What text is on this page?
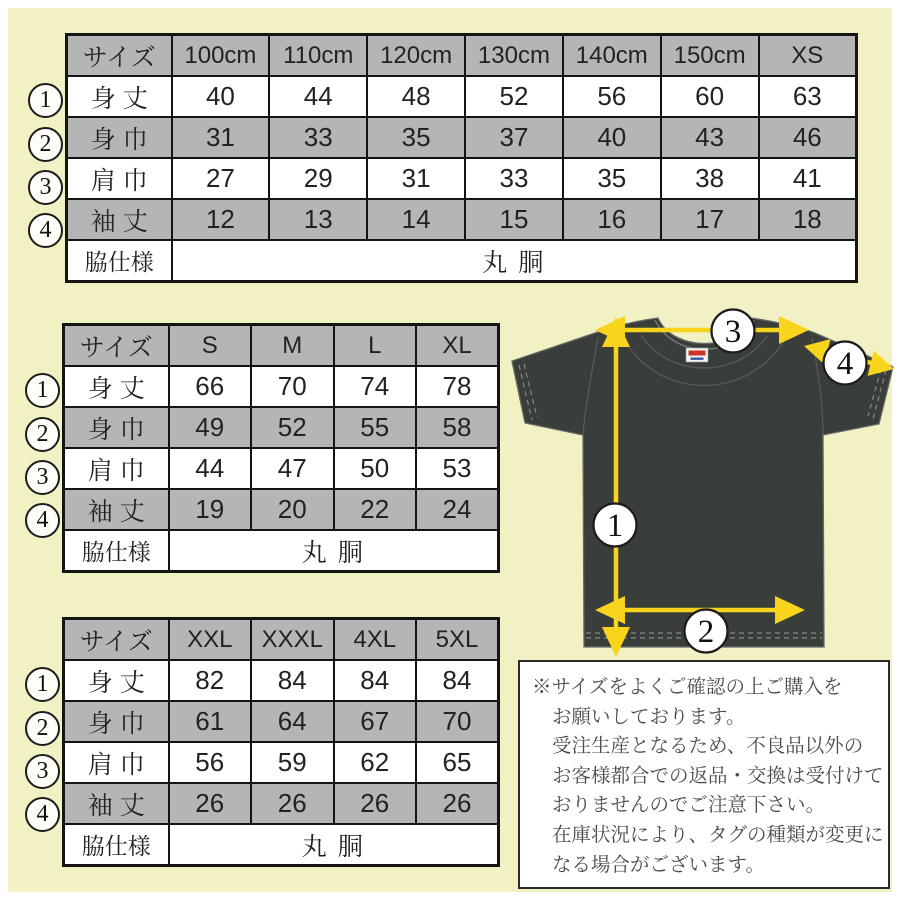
1
2
3
4
サイズ	100cm	110cm	120cm	130cm	140cm	150cm	XS
身 丈	40	44	48	52	56	60	63
身 巾	31	33	35	37	40	43	46
肩 巾	27	29	31	33	35	38	41
袖 丈	12	13	14	15	16	17	18
脇仕様	丸 胴						
1
2
3
4
サイズ	S	M	L	XL
身 丈	66	70	74	78
身 巾	49	52	55	58
肩 巾	44	47	50	53
袖 丈	19	20	22	24
脇仕様	丸 胴			
1
2
3
4
サイズ	XXL	XXXL	4XL	5XL
身 丈	82	84	84	84
身 巾	61	64	67	70
肩 巾	56	59	62	65
袖 丈	26	26	26	26
脇仕様	丸 胴			
1
2
3
4
※サイズをよくご確認の上ご購入を
お願いしております。
受注生産となるため、不良品以外の
お客様都合での返品・交換は受付けて
おりませんのでご注意下さい。
在庫状況により、タグの種類が変更に
なる場合がございます。
